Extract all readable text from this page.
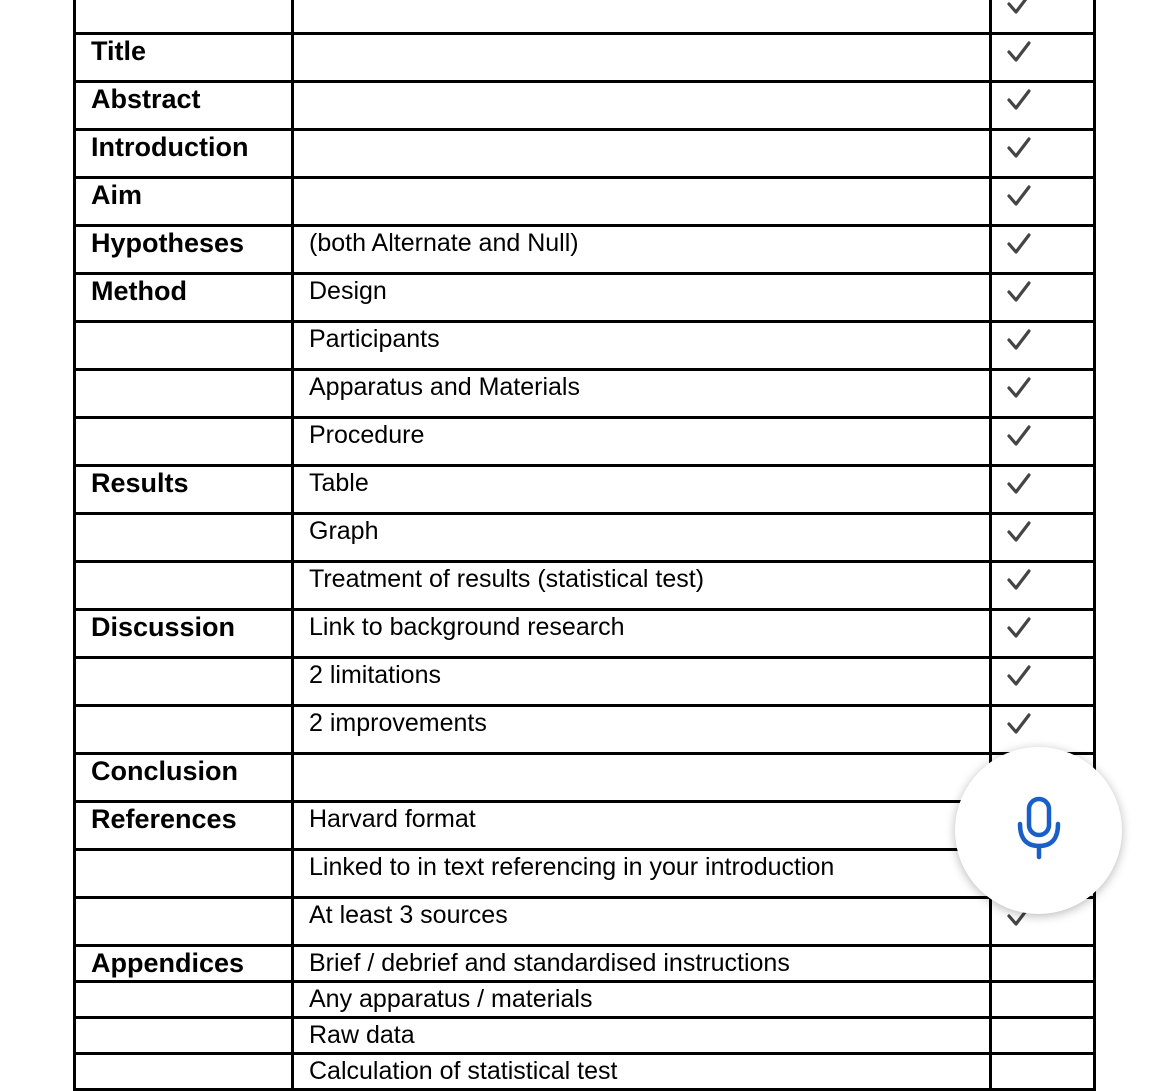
Title		

Abstract		

Introduction		

Aim		

Hypotheses	(both Alternate and Null)	

Method	Design	

	Participants	

	Apparatus and Materials	

	Procedure	

Results	Table	

	Graph	

	Treatment of results (statistical test)	

Discussion	Link to background research	

	2 limitations	

	2 improvements	

Conclusion		

References	Harvard format	

	Linked to in text referencing in your introduction	

	At least 3 sources	

Appendices	Brief / debrief and standardised instructions	
	Any apparatus / materials	
	Raw data	
	Calculation of statistical test	
